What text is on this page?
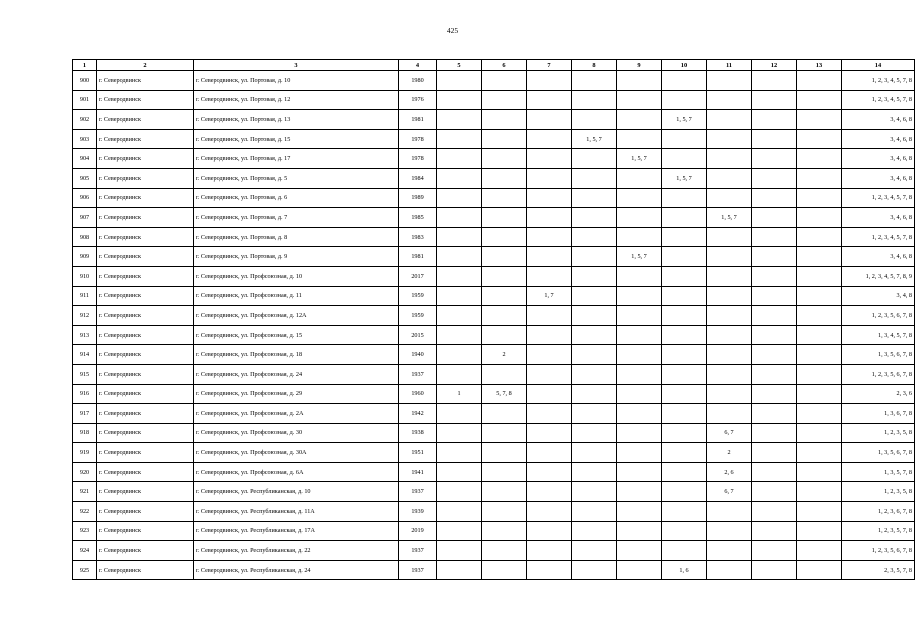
425
1	2	3	4	5	6	7	8	9	10	11	12	13	14
900	г. Северодвинск	г. Северодвинск, ул. Портовая, д. 10	1980										1, 2, 3, 4, 5, 7, 8
901	г. Северодвинск	г. Северодвинск, ул. Портовая, д. 12	1976										1, 2, 3, 4, 5, 7, 8
902	г. Северодвинск	г. Северодвинск, ул. Портовая, д. 13	1981						1, 5, 7				3, 4, 6, 8
903	г. Северодвинск	г. Северодвинск, ул. Портовая, д. 15	1978				1, 5, 7						3, 4, 6, 8
904	г. Северодвинск	г. Северодвинск, ул. Портовая, д. 17	1978					1, 5, 7					3, 4, 6, 8
905	г. Северодвинск	г. Северодвинск, ул. Портовая, д. 5	1984						1, 5, 7				3, 4, 6, 8
906	г. Северодвинск	г. Северодвинск, ул. Портовая, д. 6	1989										1, 2, 3, 4, 5, 7, 8
907	г. Северодвинск	г. Северодвинск, ул. Портовая, д. 7	1985							1, 5, 7			3, 4, 6, 8
908	г. Северодвинск	г. Северодвинск, ул. Портовая, д. 8	1983										1, 2, 3, 4, 5, 7, 8
909	г. Северодвинск	г. Северодвинск, ул. Портовая, д. 9	1981					1, 5, 7					3, 4, 6, 8
910	г. Северодвинск	г. Северодвинск, ул. Профсоюзная, д. 10	2017										1, 2, 3, 4, 5, 7, 8, 9
911	г. Северодвинск	г. Северодвинск, ул. Профсоюзная, д. 11	1959			1, 7							3, 4, 8
912	г. Северодвинск	г. Северодвинск, ул. Профсоюзная, д. 12А	1959										1, 2, 3, 5, 6, 7, 8
913	г. Северодвинск	г. Северодвинск, ул. Профсоюзная, д. 15	2015										1, 3, 4, 5, 7, 8
914	г. Северодвинск	г. Северодвинск, ул. Профсоюзная, д. 18	1940		2								1, 3, 5, 6, 7, 8
915	г. Северодвинск	г. Северодвинск, ул. Профсоюзная, д. 24	1937										1, 2, 3, 5, 6, 7, 8
916	г. Северодвинск	г. Северодвинск, ул. Профсоюзная, д. 29	1960	1	5, 7, 8								2, 3, 6
917	г. Северодвинск	г. Северодвинск, ул. Профсоюзная, д. 2А	1942										1, 3, 6, 7, 8
918	г. Северодвинск	г. Северодвинск, ул. Профсоюзная, д. 30	1938							6, 7			1, 2, 3, 5, 8
919	г. Северодвинск	г. Северодвинск, ул. Профсоюзная, д. 30А	1951							2			1, 3, 5, 6, 7, 8
920	г. Северодвинск	г. Северодвинск, ул. Профсоюзная, д. 6А	1941							2, 6			1, 3, 5, 7, 8
921	г. Северодвинск	г. Северодвинск, ул. Республиканская, д. 10	1937							6, 7			1, 2, 3, 5, 8
922	г. Северодвинск	г. Северодвинск, ул. Республиканская, д. 11А	1939										1, 2, 3, 6, 7, 8
923	г. Северодвинск	г. Северодвинск, ул. Республиканская, д. 17А	2019										1, 2, 3, 5, 7, 8
924	г. Северодвинск	г. Северодвинск, ул. Республиканская, д. 22	1937										1, 2, 3, 5, 6, 7, 8
925	г. Северодвинск	г. Северодвинск, ул. Республиканская, д. 24	1937						1, 6				2, 3, 5, 7, 8
